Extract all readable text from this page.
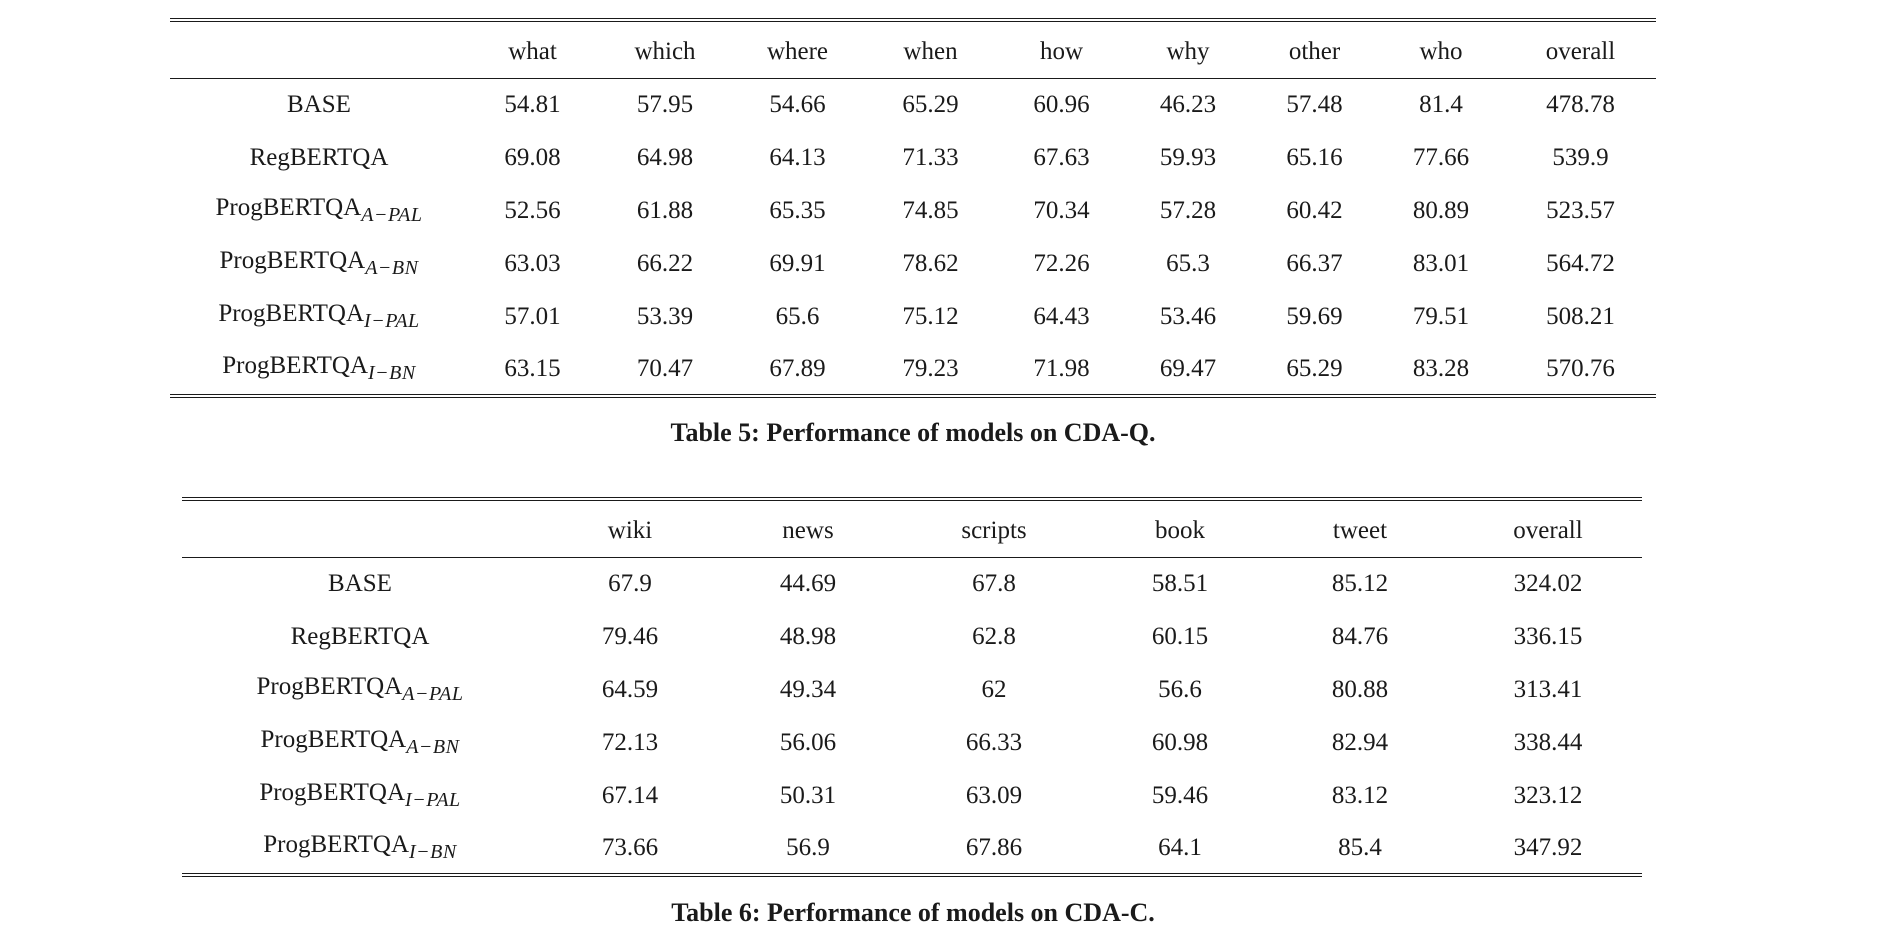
	what	which	where	when	how	why	other	who	overall
BASE	54.81	57.95	54.66	65.29	60.96	46.23	57.48	81.4	478.78
RegBERTQA	69.08	64.98	64.13	71.33	67.63	59.93	65.16	77.66	539.9
ProgBERTQA$_{A-PAL}$	52.56	61.88	65.35	74.85	70.34	57.28	60.42	80.89	523.57
ProgBERTQA$_{A-BN}$	63.03	66.22	69.91	78.62	72.26	65.3	66.37	83.01	564.72
ProgBERTQA$_{I-PAL}$	57.01	53.39	65.6	75.12	64.43	53.46	59.69	79.51	508.21
ProgBERTQA$_{I-BN}$	63.15	70.47	67.89	79.23	71.98	69.47	65.29	83.28	570.76
Table 5: Performance of models on CDA-Q.
	wiki	news	scripts	book	tweet	overall
BASE	67.9	44.69	67.8	58.51	85.12	324.02
RegBERTQA	79.46	48.98	62.8	60.15	84.76	336.15
ProgBERTQA$_{A-PAL}$	64.59	49.34	62	56.6	80.88	313.41
ProgBERTQA$_{A-BN}$	72.13	56.06	66.33	60.98	82.94	338.44
ProgBERTQA$_{I-PAL}$	67.14	50.31	63.09	59.46	83.12	323.12
ProgBERTQA$_{I-BN}$	73.66	56.9	67.86	64.1	85.4	347.92
Table 6: Performance of models on CDA-C.
